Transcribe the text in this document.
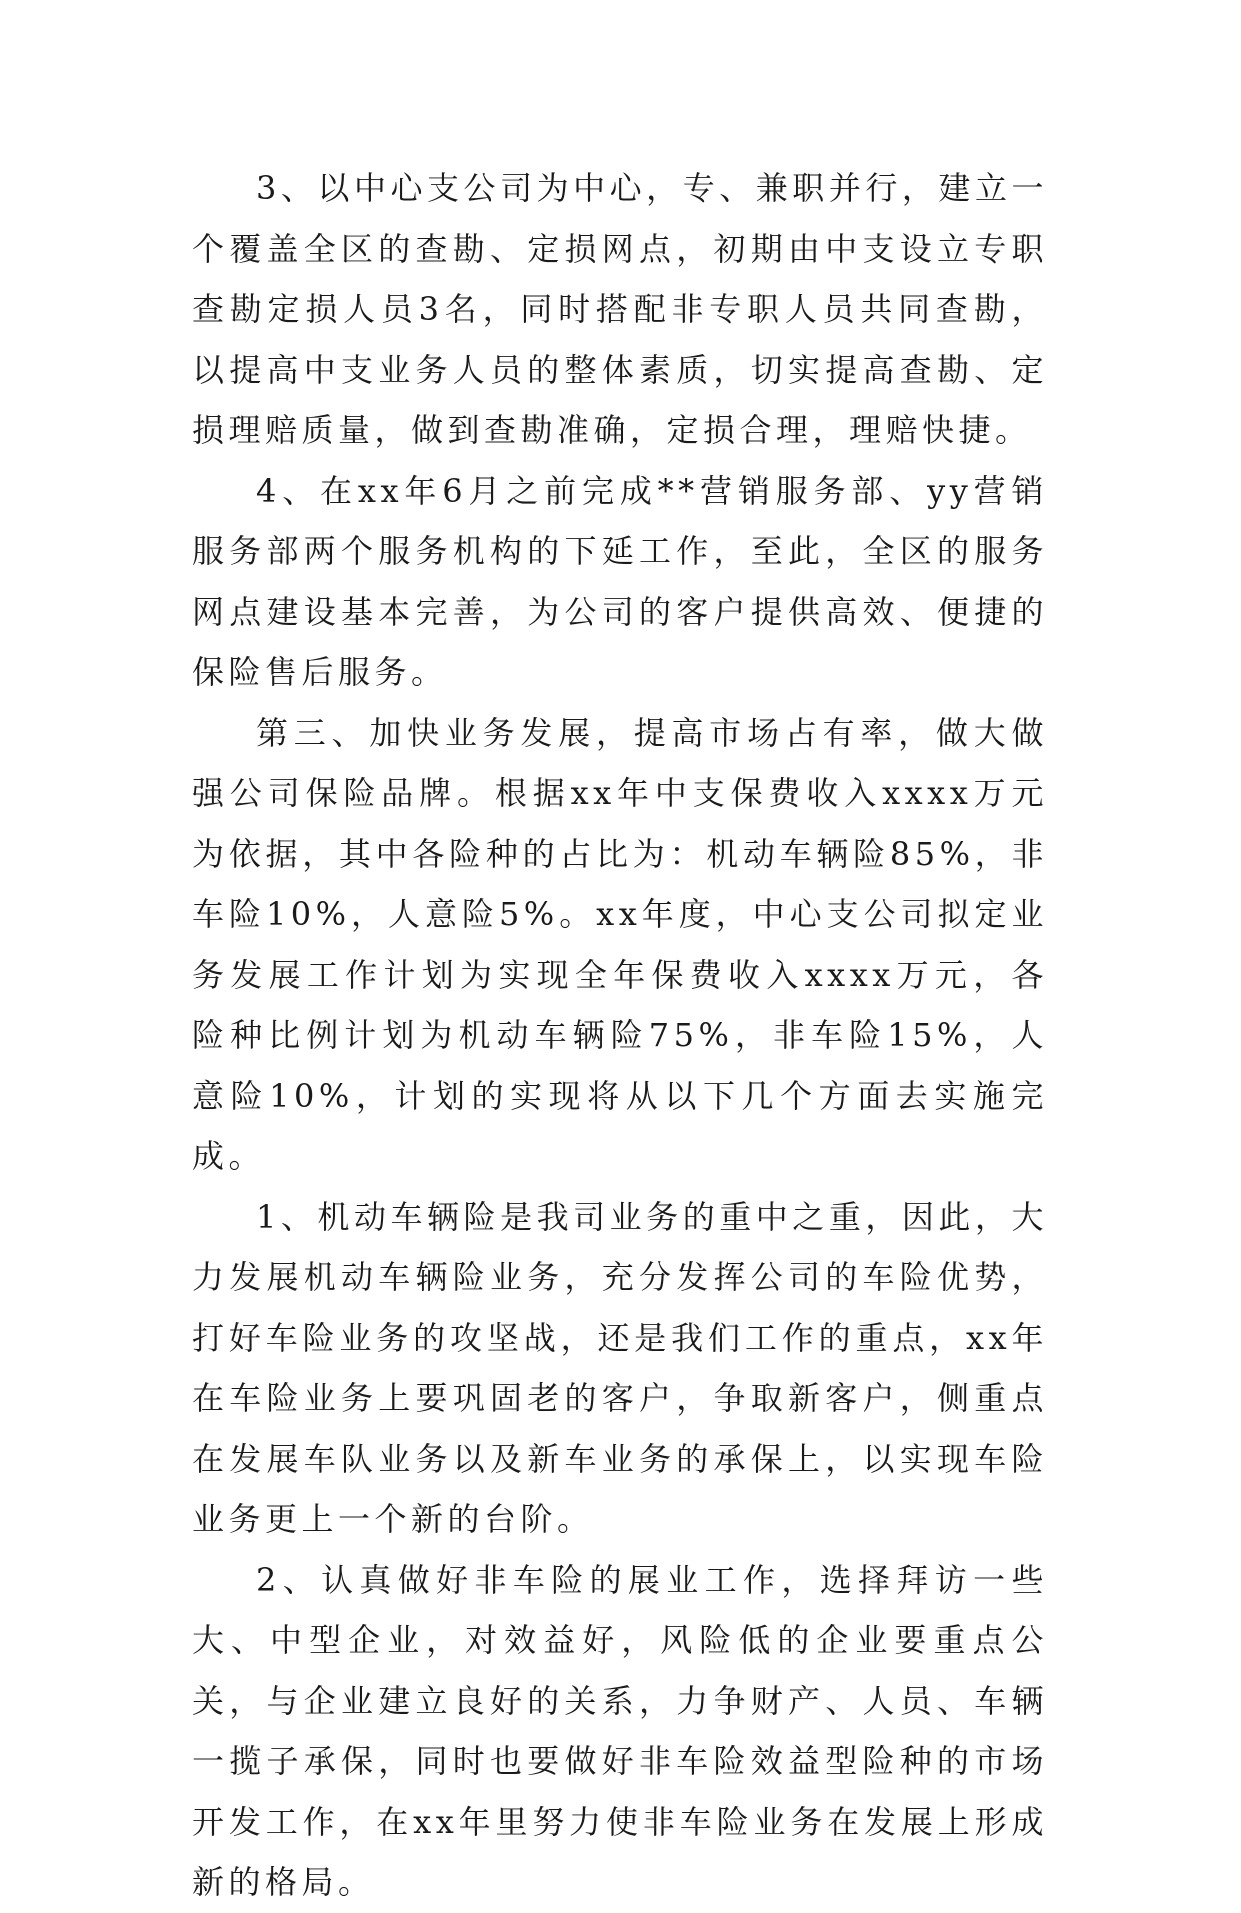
3、以中心支公司为中心，专、兼职并行，建立一个覆盖全区的查勘、定损网点，初期由中支设立专职查勘定损人员3名，同时搭配非专职人员共同查勘，以提高中支业务人员的整体素质，切实提高查勘、定损理赔质量，做到查勘准确，定损合理，理赔快捷。

4、在xx年6月之前完成**营销服务部、yy营销服务部两个服务机构的下延工作，至此，全区的服务网点建设基本完善，为公司的客户提供高效、便捷的保险售后服务。

第三、加快业务发展，提高市场占有率，做大做强公司保险品牌。根据xx年中支保费收入xxxx万元为依据，其中各险种的占比为：机动车辆险85%，非车险10%，人意险5%。xx年度，中心支公司拟定业务发展工作计划为实现全年保费收入xxxx万元，各险种比例计划为机动车辆险75%，非车险15%，人意险10%，计划的实现将从以下几个方面去实施完成。

1、机动车辆险是我司业务的重中之重，因此，大力发展机动车辆险业务，充分发挥公司的车险优势，打好车险业务的攻坚战，还是我们工作的重点，xx年在车险业务上要巩固老的客户，争取新客户，侧重点在发展车队业务以及新车业务的承保上，以实现车险业务更上一个新的台阶。

2、认真做好非车险的展业工作，选择拜访一些大、中型企业，对效益好，风险低的企业要重点公关，与企业建立良好的关系，力争财产、人员、车辆一揽子承保，同时也要做好非车险效益型险种的市场开发工作，在xx年里努力使非车险业务在发展上形成新的格局。
